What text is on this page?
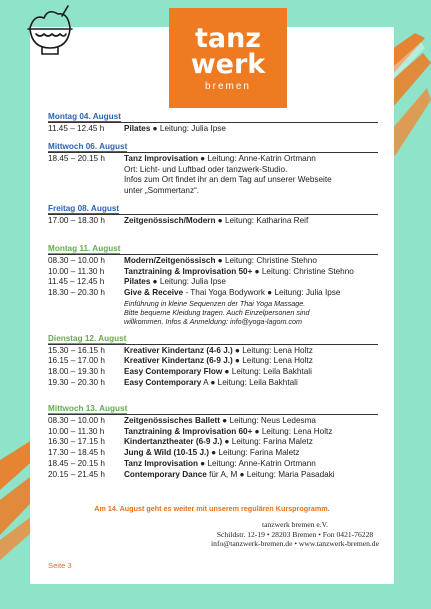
tanz
werk
bremen
Montag 04. August
11.45 – 12.45 h	Pilates ● Leitung: Julia Ipse
Mittwoch 06. August
18.45 – 20.15 h	Tanz Improvisation ● Leitung: Anne-Katrin Ortmann
Ort: Licht- und Luftbad oder tanzwerk-Studio.
Infos zum Ort findet ihr an dem Tag auf unserer Webseite
unter „Sommertanz“.
Freitag 08. August
17.00 – 18.30 h	Zeitgenössisch/Modern ● Leitung: Katharina Reif
Montag 11. August
08.30 – 10.00 h	Modern/Zeitgenössisch ● Leitung: Christine Stehno
10.00 – 11.30 h	Tanztraining & Improvisation 50+ ● Leitung: Christine Stehno
11.45 – 12.45 h	Pilates ● Leitung: Julia Ipse
18.30 – 20.30 h	Give & Receive - Thai Yoga Bodywork ● Leitung: Julia Ipse
Einführung in kleine Sequenzen der Thai Yoga Massage.
Bitte bequeme Kleidung tragen. Auch Einzelpersonen sind
willkommen. Infos & Anmeldung: info@yoga-lagom.com
Dienstag 12. August
15.30 – 16.15 h	Kreativer Kindertanz (4-6 J.) ● Leitung: Lena Holtz
16.15 – 17.00 h	Kreativer Kindertanz (6-9 J.) ● Leitung: Lena Holtz
18.00 – 19.30 h	Easy Contemporary Flow ● Leitung: Leila Bakhtali
19.30 – 20.30 h	Easy Contemporary A ● Leitung: Leila Bakhtali
Mittwoch 13. August
08.30 – 10.00 h	Zeitgenössisches Ballett ● Leitung: Neus Ledesma
10.00 – 11.30 h	Tanztraining & Improvisation 60+ ● Leitung: Lena Holtz
16.30 – 17.15 h	Kindertanztheater (6-9 J.) ● Leitung: Farina Maletz
17.30 – 18.45 h	Jung & Wild (10-15 J.) ● Leitung: Farina Maletz
18.45 – 20.15 h	Tanz Improvisation ● Leitung: Anne-Katrin Ortmann
20.15 – 21.45 h	Contemporary Dance für A, M ● Leitung: Maria Pasadaki
Am 14. August geht es weiter mit unserem regulären Kursprogramm.
tanzwerk bremen e.V.
Schildstr. 12-19 • 28203 Bremen • Fon 0421-76228
info@tanzwerk-bremen.de • www.tanzwerk-bremen.de
Seite 3
